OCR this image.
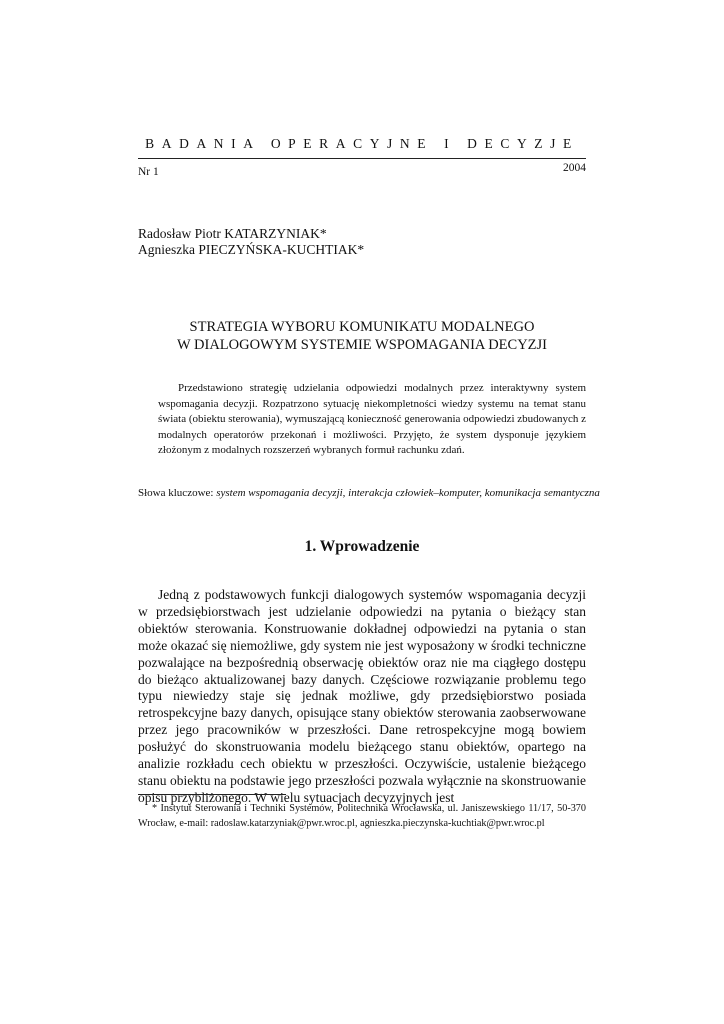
BADANIA OPERACYJNE I DECYZJE
Nr 1	2004
Radosław Piotr KATARZYNIAK*
Agnieszka PIECZYŃSKA-KUCHTIAK*
STRATEGIA WYBORU KOMUNIKATU MODALNEGO
W DIALOGOWYM SYSTEMIE WSPOMAGANIA DECYZJI
Przedstawiono strategię udzielania odpowiedzi modalnych przez interaktywny system wspomagania decyzji. Rozpatrzono sytuację niekompletności wiedzy systemu na temat stanu świata (obiektu sterowania), wymuszającą konieczność generowania odpowiedzi zbudowanych z modalnych operatorów przekonań i możliwości. Przyjęto, że system dysponuje językiem złożonym z modalnych rozszerzeń wybranych formuł rachunku zdań.
Słowa kluczowe: system wspomagania decyzji, interakcja człowiek–komputer, komunikacja semantyczna
1. Wprowadzenie
Jedną z podstawowych funkcji dialogowych systemów wspomagania decyzji w przedsiębiorstwach jest udzielanie odpowiedzi na pytania o bieżący stan obiektów sterowania. Konstruowanie dokładnej odpowiedzi na pytania o stan może okazać się niemożliwe, gdy system nie jest wyposażony w środki techniczne pozwalające na bezpośrednią obserwację obiektów oraz nie ma ciągłego dostępu do bieżąco aktualizowanej bazy danych. Częściowe rozwiązanie problemu tego typu niewiedzy staje się jednak możliwe, gdy przedsiębiorstwo posiada retrospekcyjne bazy danych, opisujące stany obiektów sterowania zaobserwowane przez jego pracowników w przeszłości. Dane retrospekcyjne mogą bowiem posłużyć do skonstruowania modelu bieżącego stanu obiektów, opartego na analizie rozkładu cech obiektu w przeszłości. Oczywiście, ustalenie bieżącego stanu obiektu na podstawie jego przeszłości pozwala wyłącznie na skonstruowanie opisu przybliżonego. W wielu sytuacjach decyzyjnych jest
* Instytut Sterowania i Techniki Systemów, Politechnika Wrocławska, ul. Janiszewskiego 11/17, 50-370 Wrocław, e-mail: radoslaw.katarzyniak@pwr.wroc.pl, agnieszka.pieczynska-kuchtiak@pwr.wroc.pl
